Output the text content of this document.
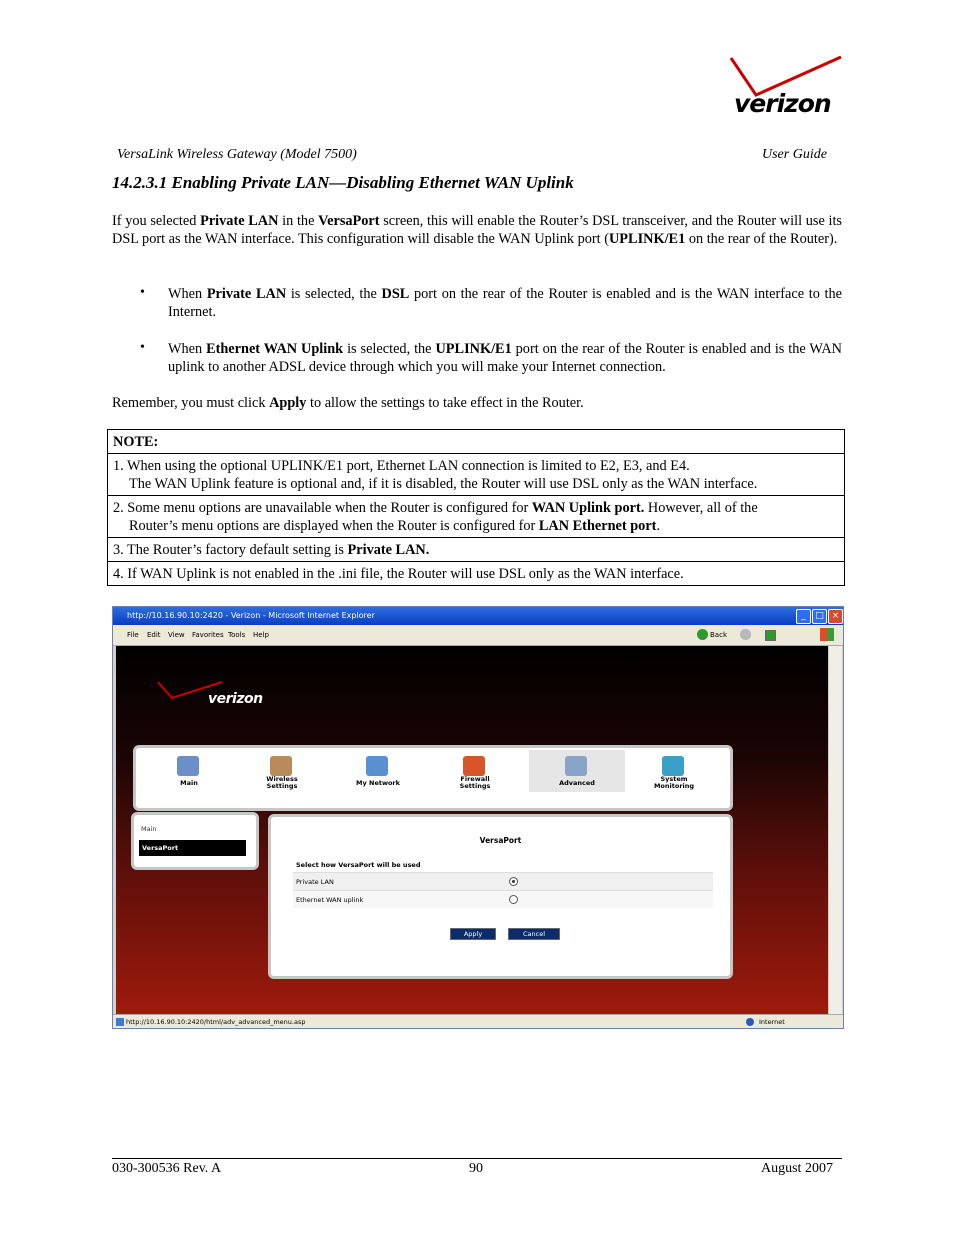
verizon
VersaLink Wireless Gateway (Model 7500)	User Guide
14.2.3.1 Enabling Private LAN—Disabling Ethernet WAN Uplink
If you selected Private LAN in the VersaPort screen, this will enable the Router’s DSL transceiver, and the Router will use its DSL port as the WAN interface. This configuration will disable the WAN Uplink port (UPLINK/E1 on the rear of the Router).
• When Private LAN is selected, the DSL port on the rear of the Router is enabled and is the WAN interface to the Internet.
• When Ethernet WAN Uplink is selected, the UPLINK/E1 port on the rear of the Router is enabled and is the WAN uplink to another ADSL device through which you will make your Internet connection.
Remember, you must click Apply to allow the settings to take effect in the Router.
NOTE:

1. When using the optional UPLINK/E1 port, Ethernet LAN connection is limited to E2, E3, and E4.
The WAN Uplink feature is optional and, if it is disabled, the Router will use DSL only as the WAN interface.

2. Some menu options are unavailable when the Router is configured for WAN Uplink port. However, all of the
Router’s menu options are displayed when the Router is configured for LAN Ethernet port.

3. The Router’s factory default setting is Private LAN.
4. If WAN Uplink is not enabled in the .ini file, the Router will use DSL only as the WAN interface.
http://10.16.90.10:2420 - Verizon - Microsoft Internet Explorer	_	□ ×
File Edit View Favorites Tools Help	Back
verizon
Main	Wireless
Settings	My Network	Firewall
Settings	Advanced	System
Monitoring
Main
VersaPort
VersaPort
Select how VersaPort will be used
Private LAN
Ethernet WAN uplink
Apply	Cancel
http://10.16.90.10:2420/html/adv_advanced_menu.asp	Internet
030-300536 Rev. A	90	August 2007
